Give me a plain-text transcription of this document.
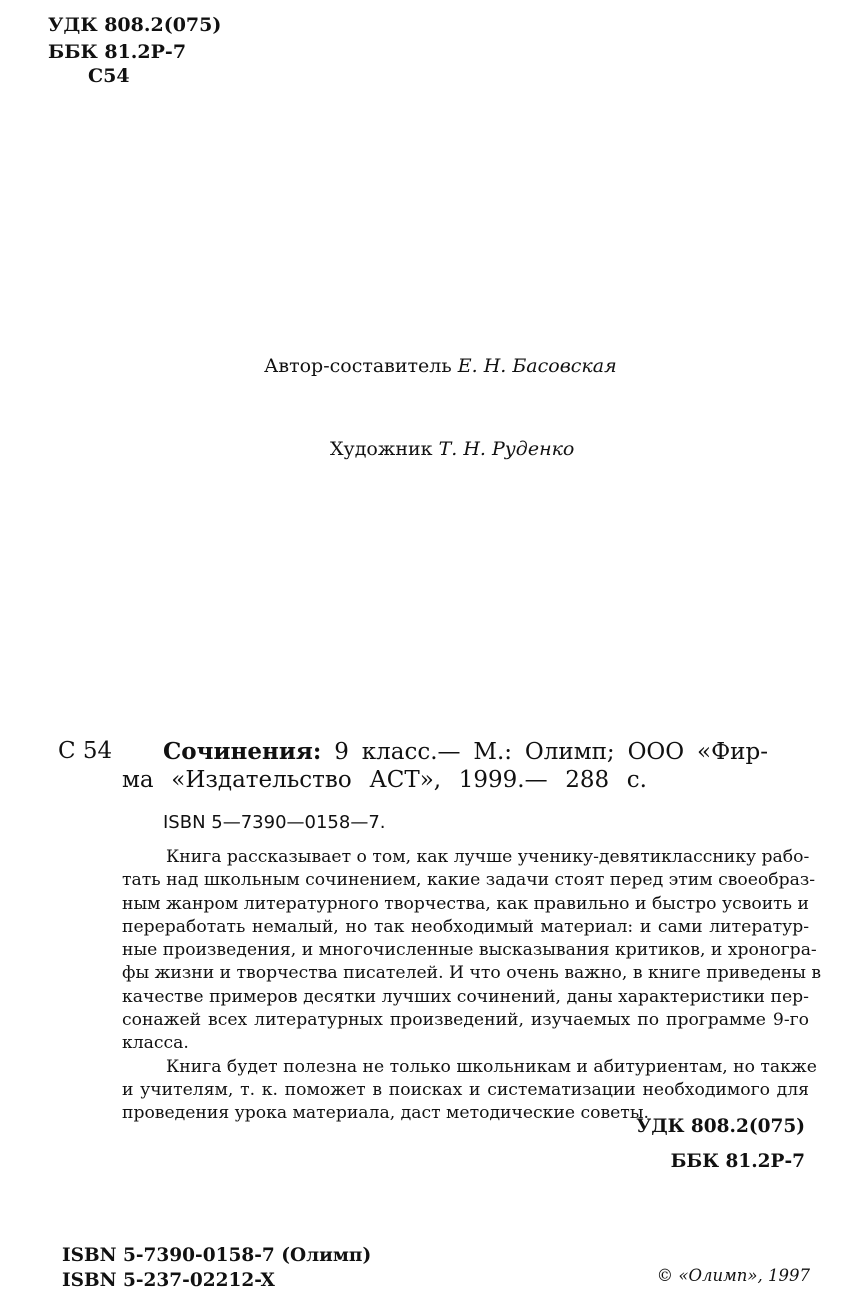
УДК 808.2(075)
ББК 81.2Р-7
С54
Автор-составитель Е. Н. Басовская
Художник Т. Н. Руденко
С 54 Сочинения: 9 класс.— М.: Олимп; ООО «Фир-
ма «Издательство АСТ», 1999.— 288 с.
ISBN 5—7390—0158—7.
Книга рассказывает о том, как лучше ученику-девятикласснику рабо-
тать над школьным сочинением, какие задачи стоят перед этим своеобраз-
ным жанром литературного творчества, как правильно и быстро усвоить и
переработать немалый, но так необходимый материал: и сами литератур-
ные произведения, и многочисленные высказывания критиков, и хроногра-
фы жизни и творчества писателей. И что очень важно, в книге приведены в
качестве примеров десятки лучших сочинений, даны характеристики пер-
сонажей всех литературных произведений, изучаемых по программе 9-го
класса.
Книга будет полезна не только школьникам и абитуриентам, но также
и учителям, т. к. поможет в поисках и систематизации необходимого для
проведения урока материала, даст методические советы.
УДК 808.2(075)
ББК 81.2Р-7
ISBN 5-7390-0158-7 (Олимп)
ISBN 5-237-02212-X	© «Олимп», 1997
